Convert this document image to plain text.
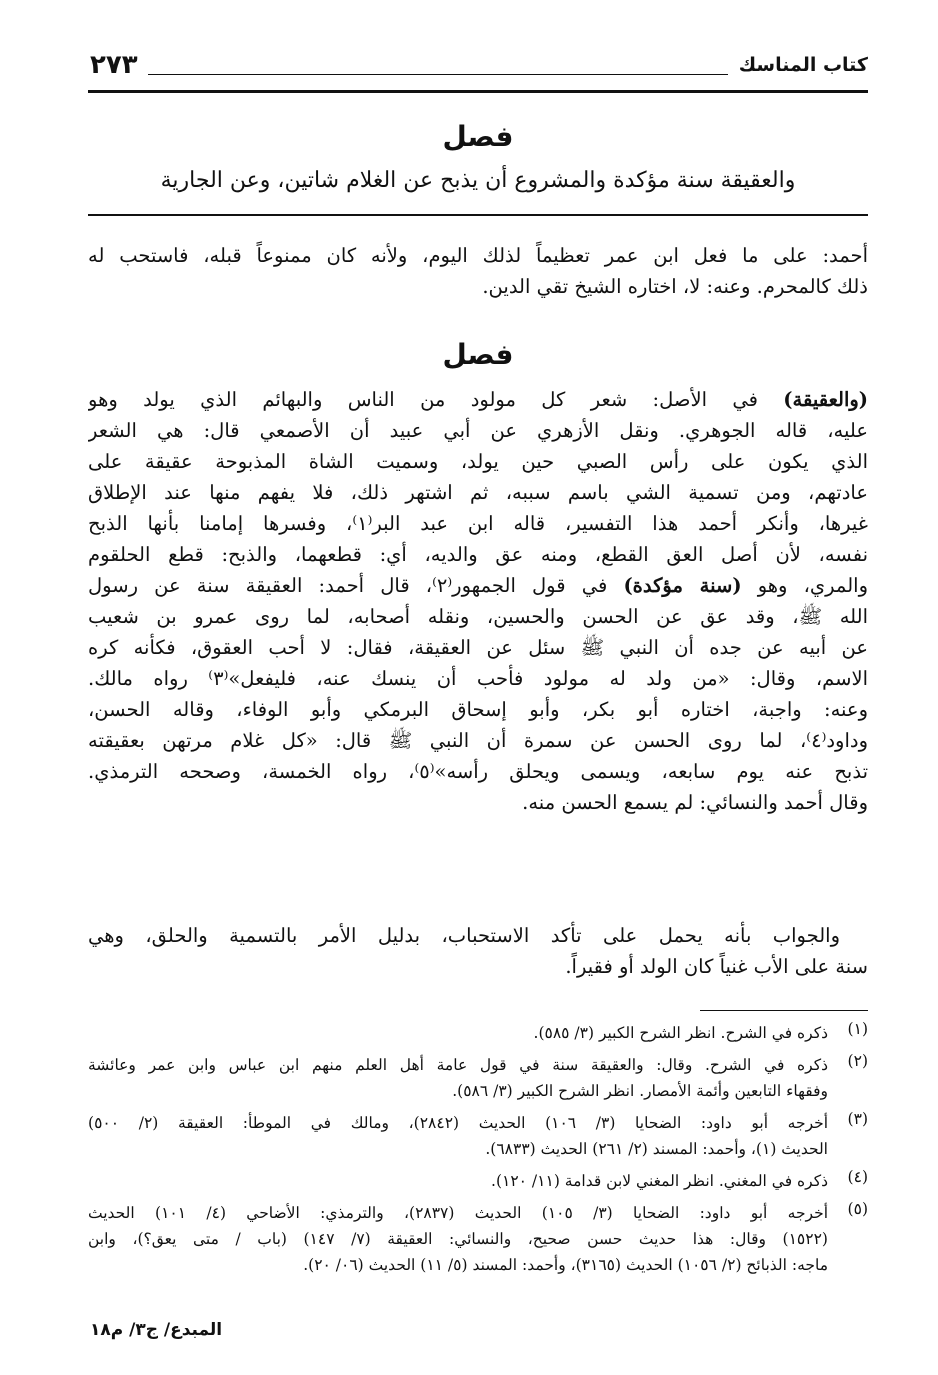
كتاب المناسك
٢٧٣
فصل
والعقيقة سنة مؤكدة والمشروع أن يذبح عن الغلام شاتين، وعن الجارية
أحمد: على ما فعل ابن عمر تعظيماً لذلك اليوم، ولأنه كان ممنوعاً قبله، فاستحب له
ذلك كالمحرم. وعنه: لا، اختاره الشيخ تقي الدين.
فصل
(والعقيقة) في الأصل: شعر كل مولود من الناس والبهائم الذي يولد وهو
عليه، قاله الجوهري. ونقل الأزهري عن أبي عبيد أن الأصمعي قال: هي الشعر
الذي يكون على رأس الصبي حين يولد، وسميت الشاة المذبوحة عقيقة على
عادتهم، ومن تسمية الشي باسم سببه، ثم اشتهر ذلك، فلا يفهم منها عند الإطلاق
غيرها، وأنكر أحمد هذا التفسير، قاله ابن عبد البر⁽١⁾، وفسرها إمامنا بأنها الذبح
نفسه، لأن أصل العق القطع، ومنه عق والديه، أي: قطعهما، والذبح: قطع الحلقوم
والمري، وهو (سنة مؤكدة) في قول الجمهور⁽٢⁾، قال أحمد: العقيقة سنة عن رسول
الله ﷺ، وقد عق عن الحسن والحسين، ونقله أصحابه، لما روى عمرو بن شعيب
عن أبيه عن جده أن النبي ﷺ سئل عن العقيقة، فقال: لا أحب العقوق، فكأنه كره
الاسم، وقال: «من ولد له مولود فأحب أن ينسك عنه، فليفعل»⁽٣⁾ رواه مالك.
وعنه: واجبة، اختاره أبو بكر، وأبو إسحاق البرمكي وأبو الوفاء، وقاله الحسن،
وداود⁽٤⁾، لما روى الحسن عن سمرة أن النبي ﷺ قال: «كل غلام مرتهن بعقيقته
تذبح عنه يوم سابعه، ويسمى ويحلق رأسه»⁽٥⁾، رواه الخمسة، وصححه الترمذي.
وقال أحمد والنسائي: لم يسمع الحسن منه.
والجواب بأنه يحمل على تأكد الاستحباب، بدليل الأمر بالتسمية والحلق، وهي
سنة على الأب غنياً كان الولد أو فقيراً.
(١)
ذكره في الشرح. انظر الشرح الكبير (٣/ ٥٨٥).
(٢)
ذكره في الشرح. وقال: والعقيقة سنة في قول عامة أهل العلم منهم ابن عباس وابن عمر وعائشة
وفقهاء التابعين وأئمة الأمصار. انظر الشرح الكبير (٣/ ٥٨٦).
(٣)
أخرجه أبو داود: الضحايا (٣/ ١٠٦) الحديث (٢٨٤٢)، ومالك في الموطأ: العقيقة (٢/ ٥٠٠)
الحديث (١)، وأحمد: المسند (٢/ ٢٦١) الحديث (٦٨٣٣).
(٤)
ذكره في المغني. انظر المغني لابن قدامة (١١/ ١٢٠).
(٥)
أخرجه أبو داود: الضحايا (٣/ ١٠٥) الحديث (٢٨٣٧)، والترمذي: الأضاحي (٤/ ١٠١) الحديث
(١٥٢٢) وقال: هذا حديث حسن صحيح، والنسائي: العقيقة (٧/ ١٤٧) (باب / متى يعق؟)، وابن
ماجه: الذبائح (٢/ ١٠٥٦) الحديث (٣١٦٥)، وأحمد: المسند (٥/ ١١) الحديث (٠٦/ ٢٠).
المبدع/ ج٣/ م١٨
